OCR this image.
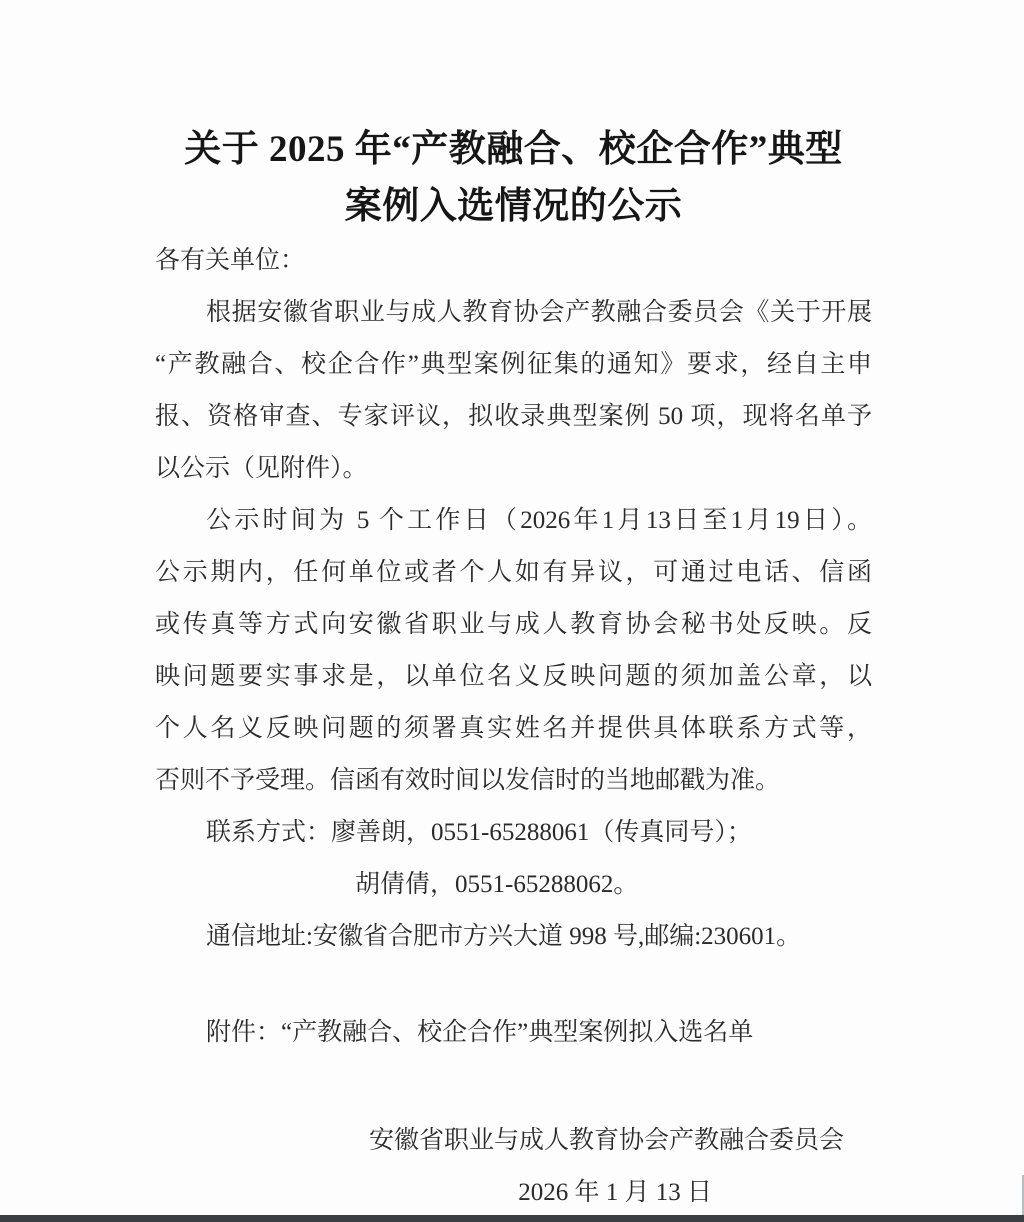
关于 2025 年“产教融合、校企合作”典型
案例入选情况的公示
各有关单位：
根据安徽省职业与成人教育协会产教融合委员会《关于开展
“产教融合、校企合作”典型案例征集的通知》要求，经自主申
报、资格审查、专家评议，拟收录典型案例 50 项，现将名单予
以公示（见附件）。
公示时间为 5 个工作日（2026年1月13日至1月19日）。
公示期内，任何单位或者个人如有异议，可通过电话、信函
或传真等方式向安徽省职业与成人教育协会秘书处反映。反
映问题要实事求是，以单位名义反映问题的须加盖公章，以
个人名义反映问题的须署真实姓名并提供具体联系方式等，
否则不予受理。信函有效时间以发信时的当地邮戳为准。
联系方式：廖善朗，0551-65288061（传真同号）；
胡倩倩，0551-65288062。
通信地址:安徽省合肥市方兴大道 998 号,邮编:230601。
附件：“产教融合、校企合作”典型案例拟入选名单
安徽省职业与成人教育协会产教融合委员会
2026 年 1 月 13 日
